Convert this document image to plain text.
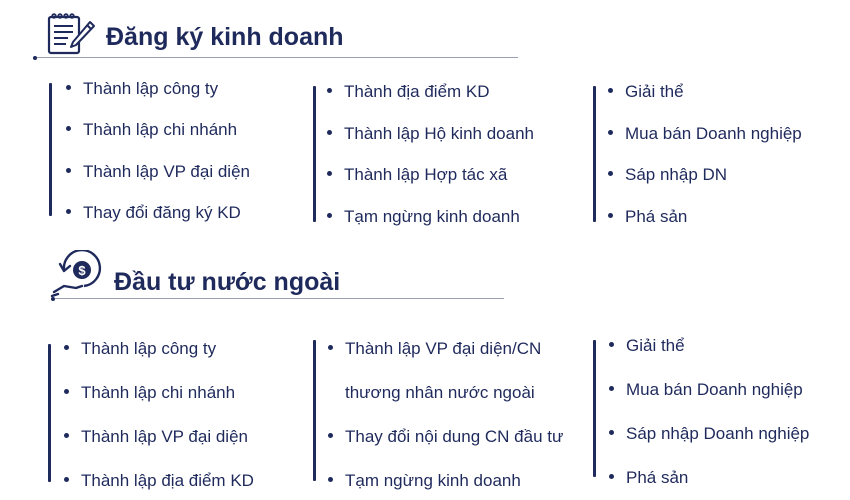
Đăng ký kinh doanh
Thành lập công ty
Thành lập chi nhánh
Thành lập VP đại diện
Thay đổi đăng ký KD
Thành địa điểm KD
Thành lập Hộ kinh doanh
Thành lập Hợp tác xã
Tạm ngừng kinh doanh
Giải thể
Mua bán Doanh nghiệp
Sáp nhập DN
Phá sản
$ Đầu tư nước ngoài
Thành lập công ty
Thành lập chi nhánh
Thành lập VP đại diện
Thành lập địa điểm KD
Thành lập VP đại diện/CN
thương nhân nước ngoài
Thay đổi nội dung CN đầu tư
Tạm ngừng kinh doanh
Giải thể
Mua bán Doanh nghiệp
Sáp nhập Doanh nghiệp
Phá sản
